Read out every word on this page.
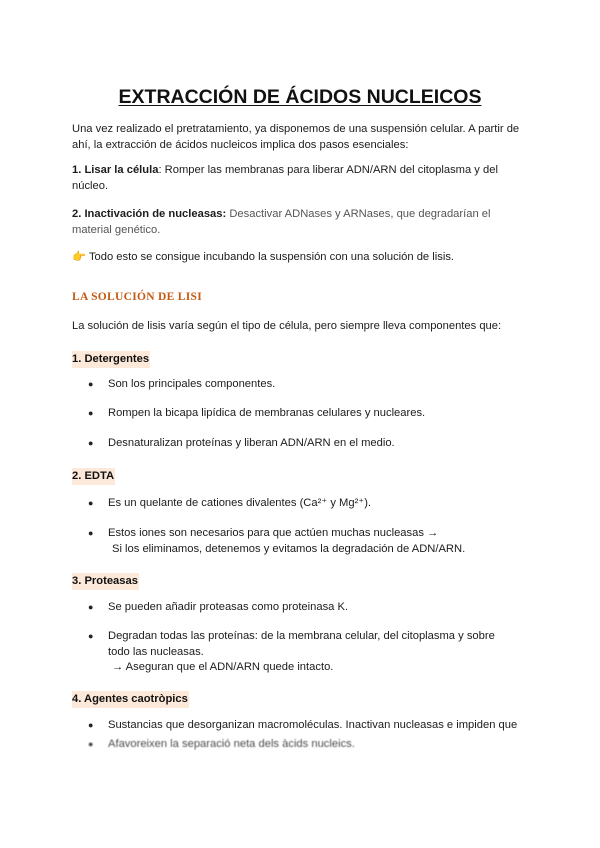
EXTRACCIÓN DE ÁCIDOS NUCLEICOS
Una vez realizado el pretratamiento, ya disponemos de una suspensión celular. A partir de ahí, la extracción de ácidos nucleicos implica dos pasos esenciales:
1. Lisar la célula: Romper las membranas para liberar ADN/ARN del citoplasma y del núcleo.
2. Inactivación de nucleasas: Desactivar ADNases y ARNases, que degradarían el material genético.
👉 Todo esto se consigue incubando la suspensión con una solución de lisis.
LA SOLUCIÓN DE LISI
La solución de lisis varía según el tipo de célula, pero siempre lleva componentes que:
1. Detergentes
● Son los principales componentes.
● Rompen la bicapa lipídica de membranas celulares y nucleares.
● Desnaturalizan proteínas y liberan ADN/ARN en el medio.
2. EDTA
● Es un quelante de cationes divalentes (Ca²⁺ y Mg²⁺).
● Estos iones son necesarios para que actúen muchas nucleasas →
Si los eliminamos, detenemos y evitamos la degradación de ADN/ARN.
3. Proteasas
● Se pueden añadir proteasas como proteinasa K.
● Degradan todas las proteínas: de la membrana celular, del citoplasma y sobre todo las nucleasas.
→ Aseguran que el ADN/ARN quede intacto.
4. Agentes caotròpics
● Sustancias que desorganizan macromoléculas. Inactivan nucleasas e impiden que
● Afavoreixen la separació neta dels àcids nucleics.
